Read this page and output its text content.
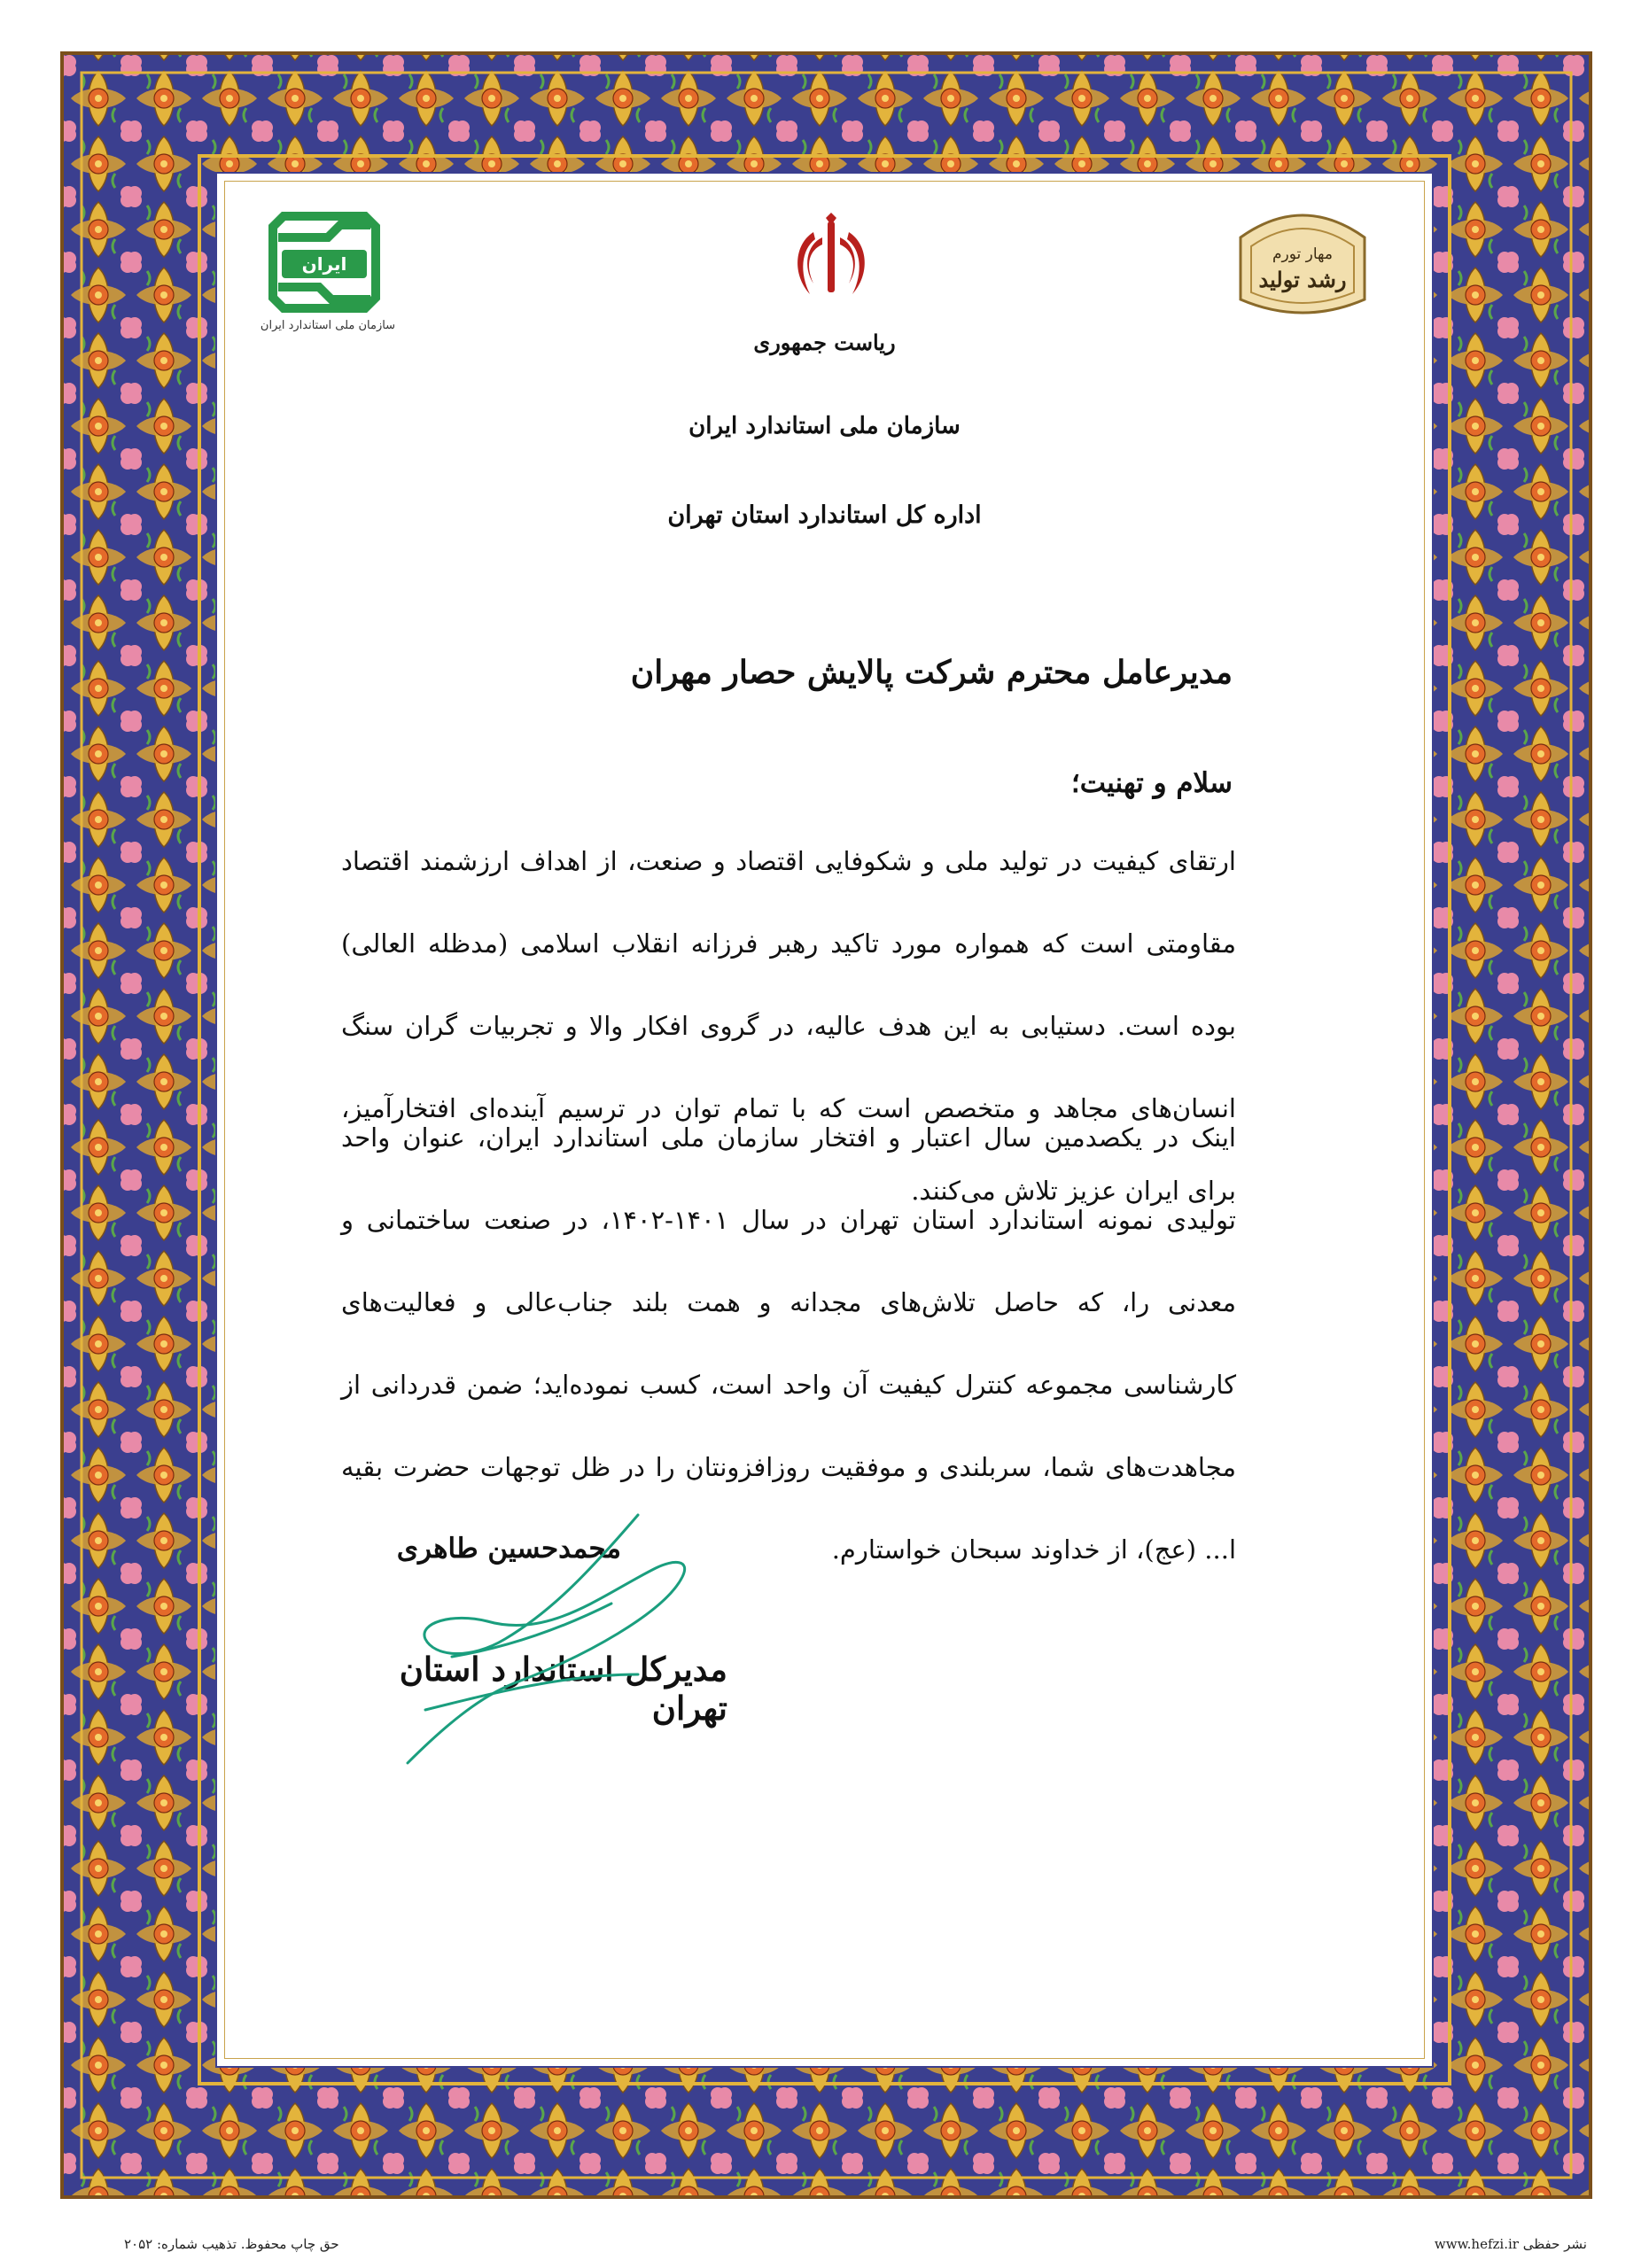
ایران
سازمان ملی استاندارد ایران
مهار تورم
رشد تولید
ریاست جمهوری
سازمان ملی استاندارد ایران
اداره کل استاندارد استان تهران
مدیرعامل محترم شرکت پالایش حصار مهران
سلام و تهنیت؛
ارتقای کیفیت در تولید ملی و شکوفایی اقتصاد و صنعت، از اهداف ارزشمند اقتصاد مقاومتی است که همواره مورد تاکید رهبر فرزانه انقلاب اسلامی (مدظله العالی) بوده است. دستیابی به این هدف عالیه، در گروی افکار والا و تجربیات گران سنگ انسان‌های مجاهد و متخصص است که با تمام توان در ترسیم آینده‌ای افتخارآمیز، برای ایران عزیز تلاش می‌کنند.
اینک در یکصدمین سال اعتبار و افتخار سازمان ملی استاندارد ایران، عنوان واحد تولیدی نمونه استاندارد استان تهران در سال ۱۴۰۱-۱۴۰۲، در صنعت ساختمانی و معدنی را، که حاصل تلاش‌های مجدانه و همت بلند جناب‌عالی و فعالیت‌های کارشناسی مجموعه کنترل کیفیت آن واحد است، کسب نموده‌اید؛ ضمن قدردانی از مجاهدت‌های شما، سربلندی و موفقیت روزافزونتان را در ظل توجهات حضرت بقیه ا... (عج)، از خداوند سبحان خواستارم.
محمدحسین طاهری
مدیرکل استاندارد استان تهران
حق چاپ محفوظ. تذهیب شماره: ۲۰۵۲	www.hefzi.ir نشر حفظی
